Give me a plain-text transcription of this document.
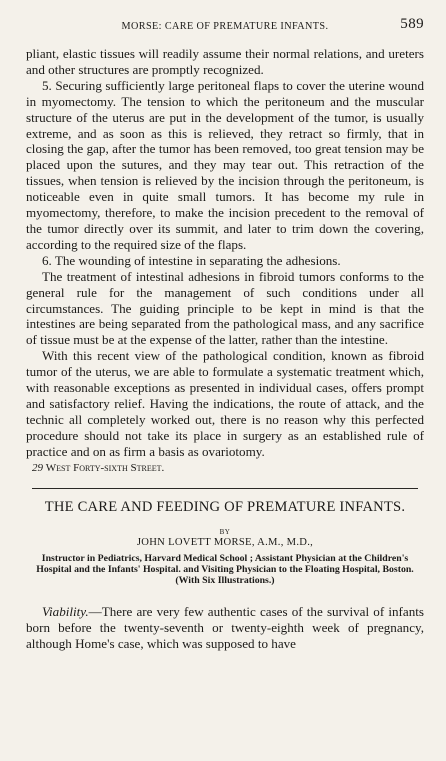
MORSE: CARE OF PREMATURE INFANTS.	589

pliant, elastic tissues will readily assume their normal relations, and ureters and other structures are promptly recognized.

5. Securing sufficiently large peritoneal flaps to cover the uterine wound in myomectomy. The tension to which the peritoneum and the muscular structure of the uterus are put in the development of the tumor, is usually extreme, and as soon as this is relieved, they retract so firmly, that in closing the gap, after the tumor has been removed, too great tension may be placed upon the sutures, and they may tear out. This retraction of the tissues, when tension is relieved by the incision through the peritoneum, is noticeable even in quite small tumors. It has become my rule in myomectomy, therefore, to make the incision precedent to the removal of the tumor directly over its summit, and later to trim down the covering, according to the required size of the flaps.

6. The wounding of intestine in separating the adhesions.

The treatment of intestinal adhesions in fibroid tumors conforms to the general rule for the management of such conditions under all circumstances. The guiding principle to be kept in mind is that the intestines are being separated from the pathological mass, and any sacrifice of tissue must be at the expense of the latter, rather than the intestine.

With this recent view of the pathological condition, known as fibroid tumor of the uterus, we are able to formulate a systematic treatment which, with reasonable exceptions as presented in individual cases, offers prompt and satisfactory relief. Having the indications, the route of attack, and the technic all completely worked out, there is no reason why this perfected procedure should not take its place in surgery as an established rule of practice and on as firm a basis as ovariotomy.

29 West Forty-sixth Street.
THE CARE AND FEEDING OF PREMATURE INFANTS.
BY
JOHN LOVETT MORSE, A.M., M.D.,
Instructor in Pediatrics, Harvard Medical School ; Assistant Physician at the Children's Hospital and the Infants' Hospital. and Visiting Physician to the Floating Hospital, Boston.
(With Six Illustrations.)

Viability.—There are very few authentic cases of the survival of infants born before the twenty-seventh or twenty-eighth week of pregnancy, although Home's case, which was supposed to have
